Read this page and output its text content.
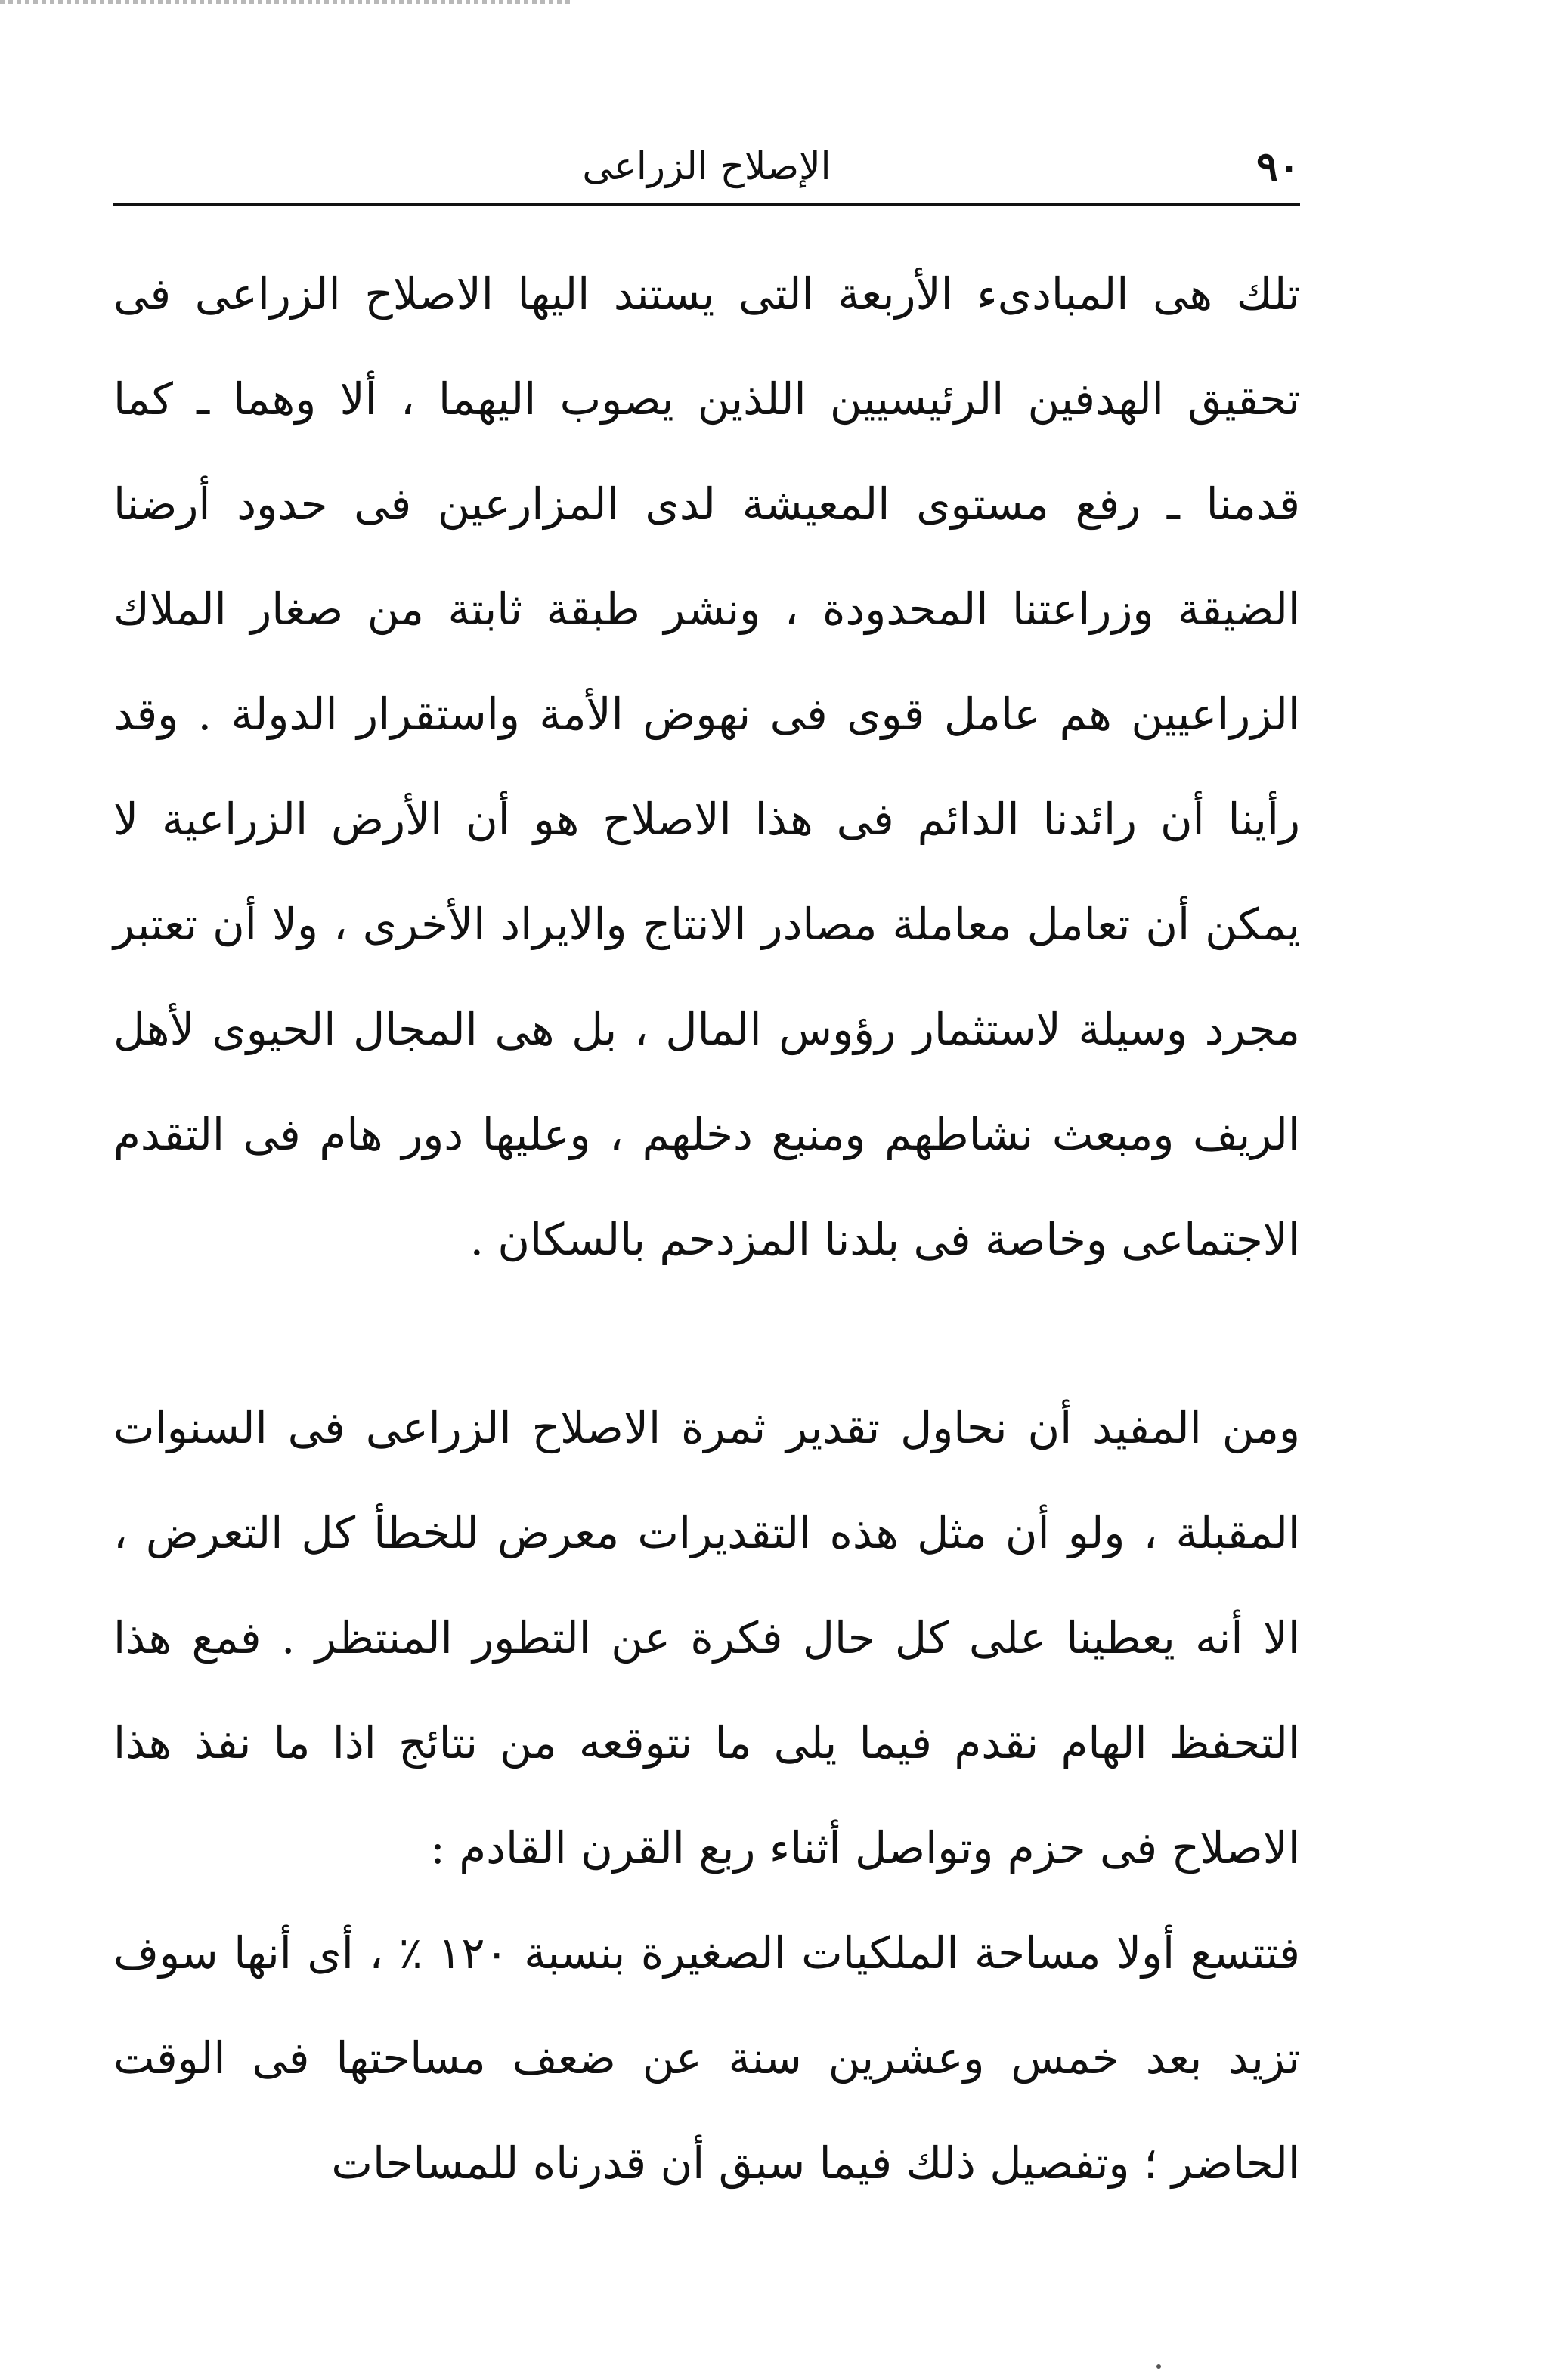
٩٠
الإصلاح الزراعى

تلك هى المبادىء الأربعة التى يستند اليها الاصلاح الزراعى فى تحقيق الهدفين الرئيسيين اللذين يصوب اليهما ، ألا وهما ـ كما قدمنا ـ رفع مستوى المعيشة لدى المزارعين فى حدود أرضنا الضيقة وزراعتنا المحدودة ، ونشر طبقة ثابتة من صغار الملاك الزراعيين هم عامل قوى فى نهوض الأمة واستقرار الدولة . وقد رأينا أن رائدنا الدائم فى هذا الاصلاح هو أن الأرض الزراعية لا يمكن أن تعامل معاملة مصادر الانتاج والايراد الأخرى ، ولا أن تعتبر مجرد وسيلة لاستثمار رؤوس المال ، بل هى المجال الحيوى لأهل الريف ومبعث نشاطهم ومنبع دخلهم ، وعليها دور هام فى التقدم الاجتماعى وخاصة فى بلدنا المزدحم بالسكان .

ومن المفيد أن نحاول تقدير ثمرة الاصلاح الزراعى فى السنوات المقبلة ، ولو أن مثل هذه التقديرات معرض للخطأ كل التعرض ، الا أنه يعطينا على كل حال فكرة عن التطور المنتظر . فمع هذا التحفظ الهام نقدم فيما يلى ما نتوقعه من نتائج اذا ما نفذ هذا الاصلاح فى حزم وتواصل أثناء ربع القرن القادم :

فتتسع أولا مساحة الملكيات الصغيرة بنسبة ١٢٠ ٪ ، أى أنها سوف تزيد بعد خمس وعشرين سنة عن ضعف مساحتها فى الوقت الحاضر ؛ وتفصيل ذلك فيما سبق أن قدرناه للمساحات
